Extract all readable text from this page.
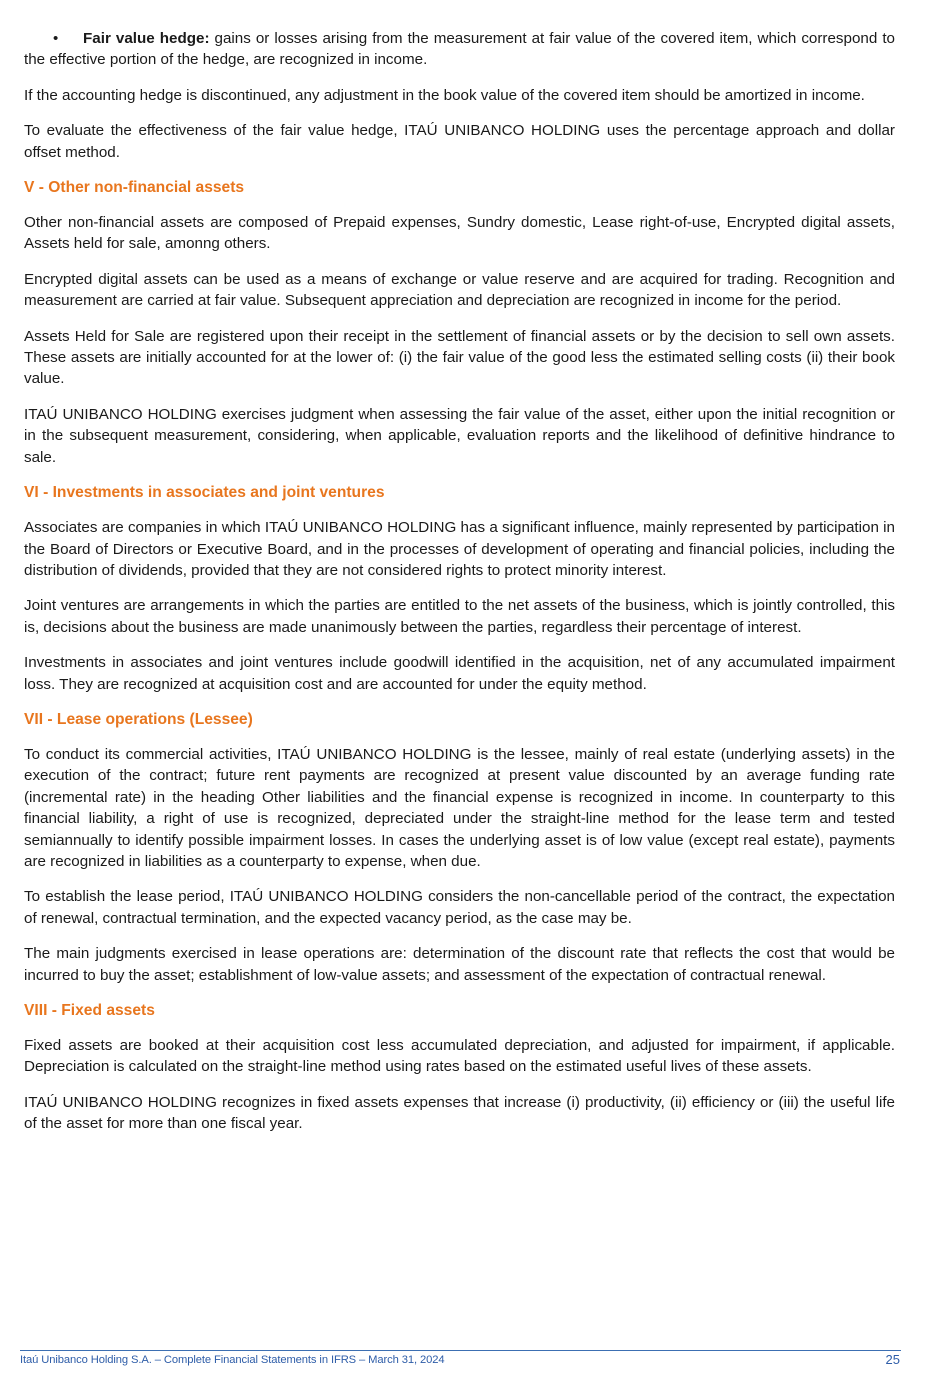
• Fair value hedge: gains or losses arising from the measurement at fair value of the covered item, which correspond to the effective portion of the hedge, are recognized in income.

If the accounting hedge is discontinued, any adjustment in the book value of the covered item should be amortized in income.

To evaluate the effectiveness of the fair value hedge, ITAÚ UNIBANCO HOLDING uses the percentage approach and dollar offset method.

V - Other non-financial assets

Other non-financial assets are composed of Prepaid expenses, Sundry domestic, Lease right-of-use, Encrypted digital assets, Assets held for sale, amonng others.

Encrypted digital assets can be used as a means of exchange or value reserve and are acquired for trading. Recognition and measurement are carried at fair value. Subsequent appreciation and depreciation are recognized in income for the period.

Assets Held for Sale are registered upon their receipt in the settlement of financial assets or by the decision to sell own assets. These assets are initially accounted for at the lower of: (i) the fair value of the good less the estimated selling costs (ii) their book value.

ITAÚ UNIBANCO HOLDING exercises judgment when assessing the fair value of the asset, either upon the initial recognition or in the subsequent measurement, considering, when applicable, evaluation reports and the likelihood of definitive hindrance to sale.

VI - Investments in associates and joint ventures

Associates are companies in which ITAÚ UNIBANCO HOLDING has a significant influence, mainly represented by participation in the Board of Directors or Executive Board, and in the processes of development of operating and financial policies, including the distribution of dividends, provided that they are not considered rights to protect minority interest.

Joint ventures are arrangements in which the parties are entitled to the net assets of the business, which is jointly controlled, this is, decisions about the business are made unanimously between the parties, regardless their percentage of interest.

Investments in associates and joint ventures include goodwill identified in the acquisition, net of any accumulated impairment loss. They are recognized at acquisition cost and are accounted for under the equity method.

VII - Lease operations (Lessee)

To conduct its commercial activities, ITAÚ UNIBANCO HOLDING is the lessee, mainly of real estate (underlying assets) in the execution of the contract; future rent payments are recognized at present value discounted by an average funding rate (incremental rate) in the heading Other liabilities and the financial expense is recognized in income. In counterparty to this financial liability, a right of use is recognized, depreciated under the straight-line method for the lease term and tested semiannually to identify possible impairment losses. In cases the underlying asset is of low value (except real estate), payments are recognized in liabilities as a counterparty to expense, when due.

To establish the lease period, ITAÚ UNIBANCO HOLDING considers the non-cancellable period of the contract, the expectation of renewal, contractual termination, and the expected vacancy period, as the case may be.

The main judgments exercised in lease operations are: determination of the discount rate that reflects the cost that would be incurred to buy the asset; establishment of low-value assets; and assessment of the expectation of contractual renewal.

VIII - Fixed assets

Fixed assets are booked at their acquisition cost less accumulated depreciation, and adjusted for impairment, if applicable. Depreciation is calculated on the straight-line method using rates based on the estimated useful lives of these assets.

ITAÚ UNIBANCO HOLDING recognizes in fixed assets expenses that increase (i) productivity, (ii) efficiency or (iii) the useful life of the asset for more than one fiscal year.

Itaú Unibanco Holding S.A. – Complete Financial Statements in IFRS – March 31, 2024	25
